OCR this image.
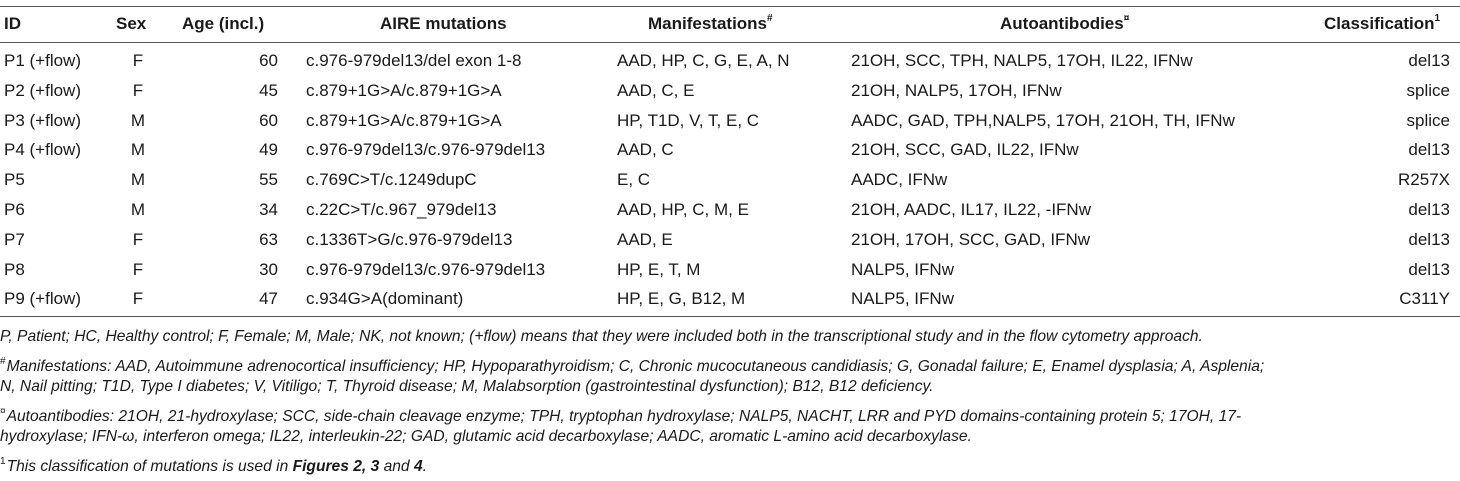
ID	Sex Age (incl.)	AIRE mutations	Manifestations#	Autoantibodies¤	Classification$^1$
P1 (+flow)	F	60 c.976-979del13/del exon 1-8	AAD, HP, C, G, E, A, N	21OH, SCC, TPH, NALP5, 17OH, IL22, IFNw	del13
P2 (+flow)	F	45 c.879+1G>A/c.879+1G>A	AAD, C, E	21OH, NALP5, 17OH, IFNw	splice
P3 (+flow)	M	60 c.879+1G>A/c.879+1G>A	HP, T1D, V, T, E, C	AADC, GAD, TPH,NALP5, 17OH, 21OH, TH, IFNw	splice
P4 (+flow)	M	49 c.976-979del13/c.976-979del13	AAD, C	21OH, SCC, GAD, IL22, IFNw	del13
P5	M	55 c.769C>T/c.1249dupC	E, C	AADC, IFNw	R257X
P6	M	34 c.22C>T/c.967_979del13	AAD, HP, C, M, E	21OH, AADC, IL17, IL22, -IFNw	del13
P7	F	63 c.1336T>G/c.976-979del13	AAD, E	21OH, 17OH, SCC, GAD, IFNw	del13
P8	F	30 c.976-979del13/c.976-979del13	HP, E, T, M	NALP5, IFNw	del13
P9 (+flow)	F	47 c.934G>A(dominant)	HP, E, G, B12, M	NALP5, IFNw	C311Y
P, Patient; HC, Healthy control; F, Female; M, Male; NK, not known; (+flow) means that they were included both in the transcriptional study and in the flow cytometry approach.
#Manifestations: AAD, Autoimmune adrenocortical insufficiency; HP, Hypoparathyroidism; C, Chronic mucocutaneous candidiasis; G, Gonadal failure; E, Enamel dysplasia; A, Asplenia;
N, Nail pitting; T1D, Type I diabetes; V, Vitiligo; T, Thyroid disease; M, Malabsorption (gastrointestinal dysfunction); B12, B12 deficiency.
¤Autoantibodies: 21OH, 21-hydroxylase; SCC, side-chain cleavage enzyme; TPH, tryptophan hydroxylase; NALP5, NACHT, LRR and PYD domains-containing protein 5; 17OH, 17-
hydroxylase; IFN-ω, interferon omega; IL22, interleukin-22; GAD, glutamic acid decarboxylase; AADC, aromatic L-amino acid decarboxylase.
$^1$This classification of mutations is used in Figures 2, 3 and 4.
